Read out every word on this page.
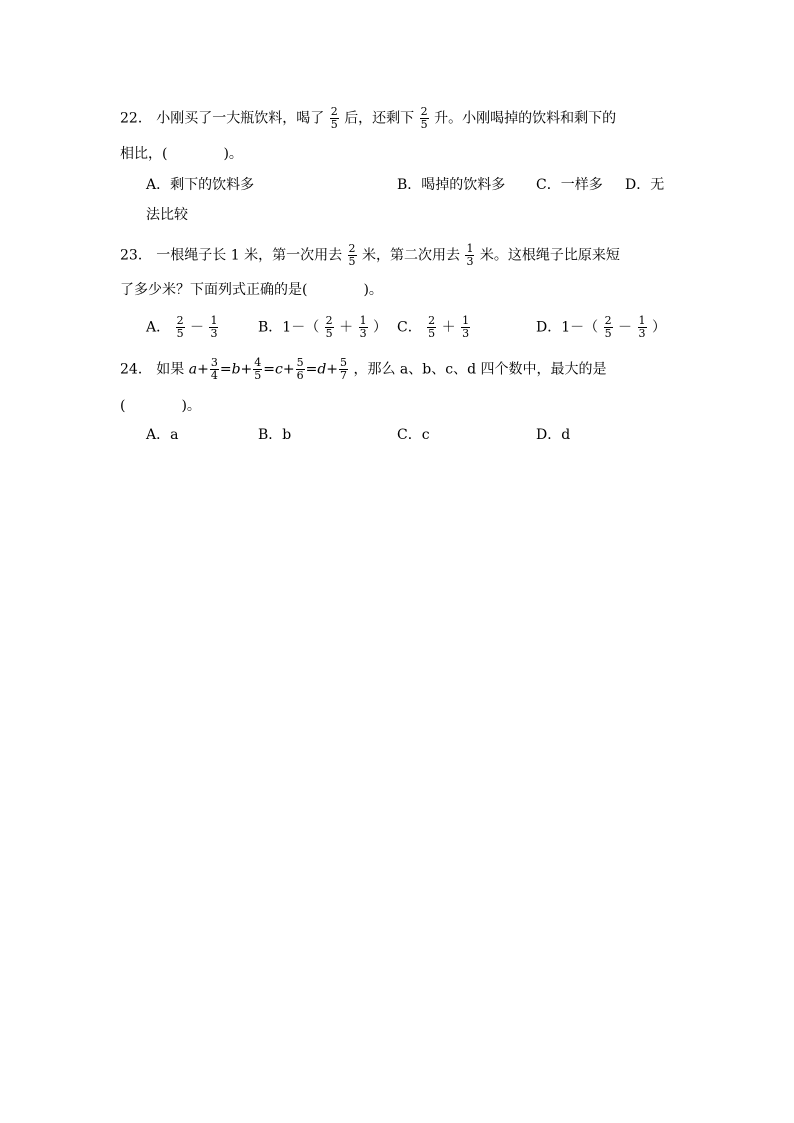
22． 小刚买了一大瓶饮料，喝了 $\frac{2}{5}$ 后，还剩下 $\frac{2}{5}$ 升。小刚喝掉的饮料和剩下的
相比，(　　　　)。
A．剩下的饮料多	B．喝掉的饮料多 C．一样多 D．无
法比较
23． 一根绳子长 1 米，第一次用去 $\frac{2}{5}$ 米，第二次用去 $\frac{1}{3}$ 米。这根绳子比原来短
了多少米？下面列式正确的是(　　　　)。
A． $\frac{2}{5} - \frac{1}{3}$	B．$1-( \frac{2}{5} + \frac{1}{3}$ ） C． $\frac{2}{5} + \frac{1}{3}$	D．$1-( \frac{2}{5} - \frac{1}{3}$ ）
24． 如果 $a+ \frac{3}{4} =b+ \frac{4}{5} =c+ \frac{5}{6} =d+ \frac{5}{7}$ ，那么 a、b、c、d 四个数中，最大的是
(　　　　)。
A．a	B．b	C．c	D．d
